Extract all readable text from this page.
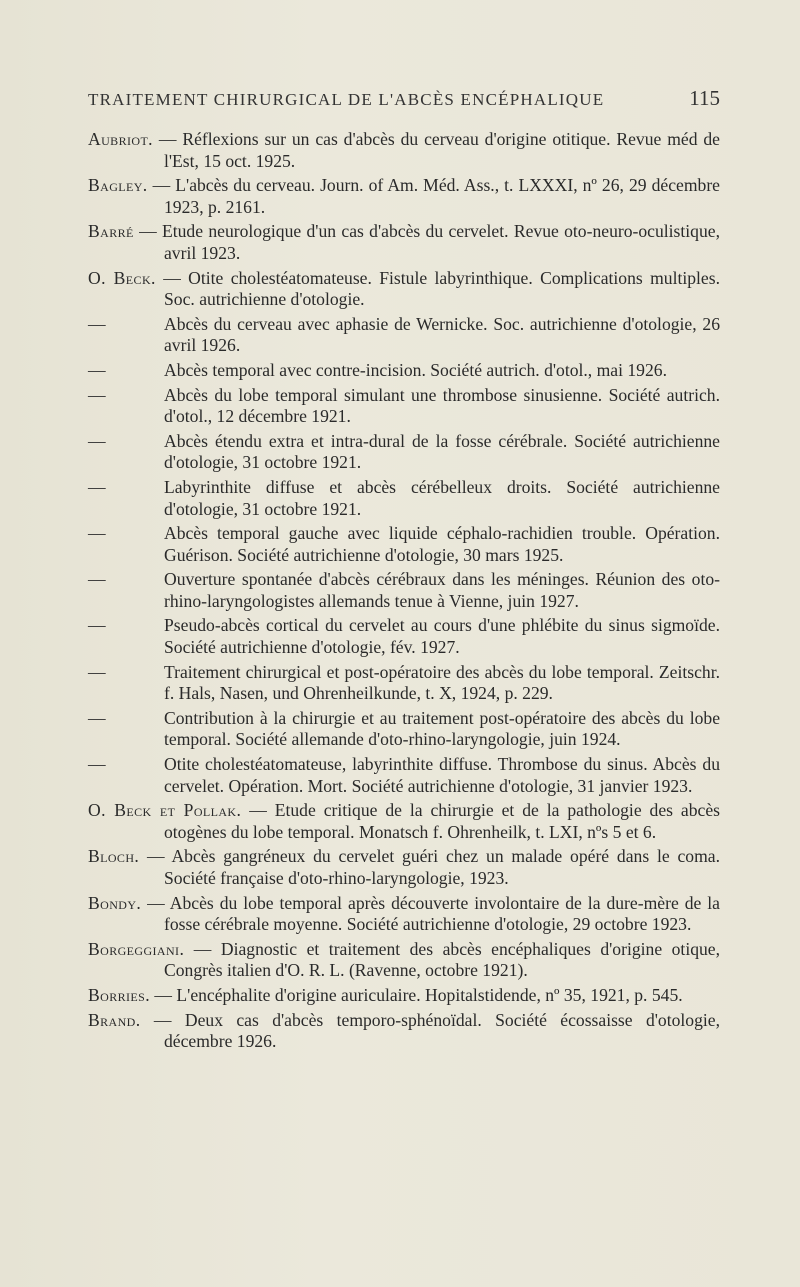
TRAITEMENT CHIRURGICAL DE L'ABCÈS ENCÉPHALIQUE	115
Aubriot. — Réflexions sur un cas d'abcès du cerveau d'origine otitique. Revue méd de l'Est, 15 oct. 1925.
Bagley. — L'abcès du cerveau. Journ. of Am. Méd. Ass., t. LXXXI, nº 26, 29 décembre 1923, p. 2161.
Barré — Etude neurologique d'un cas d'abcès du cervelet. Revue oto-neuro-oculistique, avril 1923.
O. Beck. — Otite cholestéatomateuse. Fistule labyrinthique. Complications multiples. Soc. autrichienne d'otologie.
—	Abcès du cerveau avec aphasie de Wernicke. Soc. autrichienne d'otologie, 26 avril 1926.
—	Abcès temporal avec contre-incision. Société autrich. d'otol., mai 1926.
—	Abcès du lobe temporal simulant une thrombose sinusienne. Société autrich. d'otol., 12 décembre 1921.
—	Abcès étendu extra et intra-dural de la fosse cérébrale. Société autrichienne d'otologie, 31 octobre 1921.
—	Labyrinthite diffuse et abcès cérébelleux droits. Société autrichienne d'otologie, 31 octobre 1921.
—	Abcès temporal gauche avec liquide céphalo-rachidien trouble. Opération. Guérison. Société autrichienne d'otologie, 30 mars 1925.
—	Ouverture spontanée d'abcès cérébraux dans les méninges. Réunion des oto-rhino-laryngologistes allemands tenue à Vienne, juin 1927.
—	Pseudo-abcès cortical du cervelet au cours d'une phlébite du sinus sigmoïde. Société autrichienne d'otologie, fév. 1927.
—	Traitement chirurgical et post-opératoire des abcès du lobe temporal. Zeitschr. f. Hals, Nasen, und Ohrenheilkunde, t. X, 1924, p. 229.
—	Contribution à la chirurgie et au traitement post-opératoire des abcès du lobe temporal. Société allemande d'oto-rhino-laryngologie, juin 1924.
—	Otite cholestéatomateuse, labyrinthite diffuse. Thrombose du sinus. Abcès du cervelet. Opération. Mort. Société autrichienne d'otologie, 31 janvier 1923.
O. Beck et Pollak. — Etude critique de la chirurgie et de la pathologie des abcès otogènes du lobe temporal. Monatsch f. Ohrenheilk, t. LXI, nºs 5 et 6.
Bloch. — Abcès gangréneux du cervelet guéri chez un malade opéré dans le coma. Société française d'oto-rhino-laryngologie, 1923.
Bondy. — Abcès du lobe temporal après découverte involontaire de la dure-mère de la fosse cérébrale moyenne. Société autrichienne d'otologie, 29 octobre 1923.
Borgeggiani. — Diagnostic et traitement des abcès encéphaliques d'origine otique, Congrès italien d'O. R. L. (Ravenne, octobre 1921).
Borries. — L'encéphalite d'origine auriculaire. Hopitalstidende, nº 35, 1921, p. 545.
Brand. — Deux cas d'abcès temporo-sphénoïdal. Société écossaisse d'otologie, décembre 1926.
